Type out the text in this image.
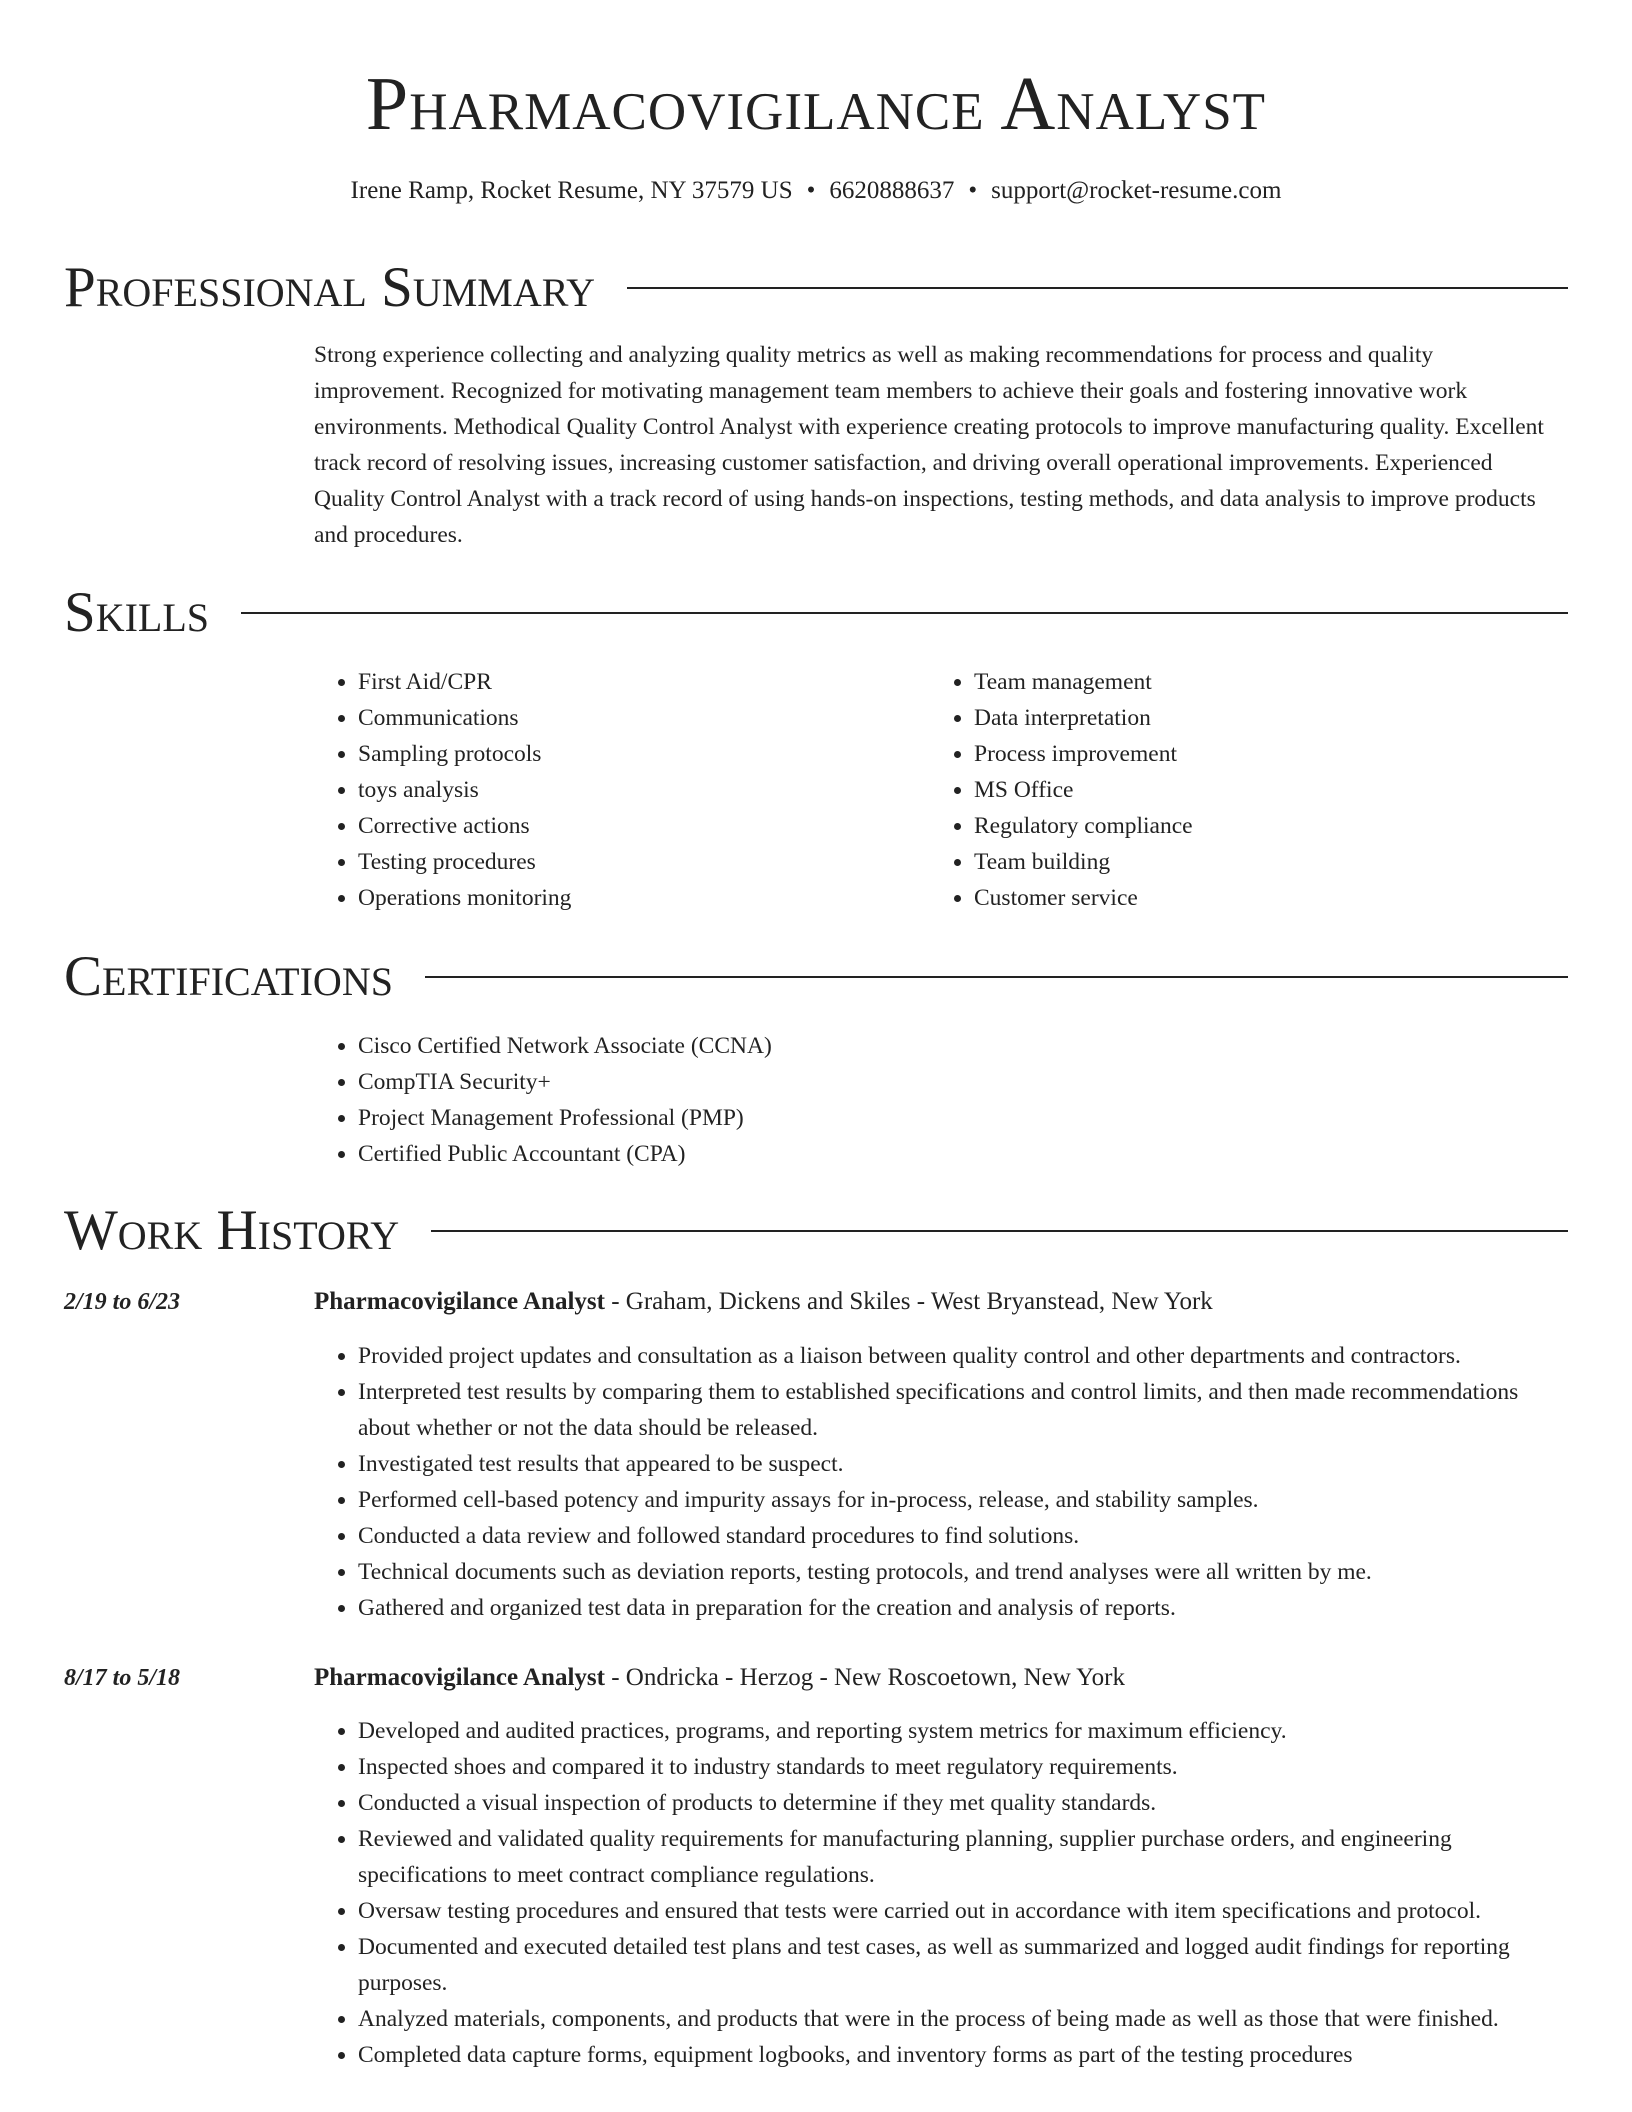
Pharmacovigilance Analyst
Irene Ramp, Rocket Resume, NY 37579 US • 6620888637 • support@rocket-resume.com
Professional Summary
Strong experience collecting and analyzing quality metrics as well as making recommendations for process and quality improvement. Recognized for motivating management team members to achieve their goals and fostering innovative work environments. Methodical Quality Control Analyst with experience creating protocols to improve manufacturing quality. Excellent track record of resolving issues, increasing customer satisfaction, and driving overall operational improvements. Experienced Quality Control Analyst with a track record of using hands-on inspections, testing methods, and data analysis to improve products and procedures.
Skills
• First Aid/CPR
• Communications
• Sampling protocols
• toys analysis
• Corrective actions
• Testing procedures
• Operations monitoring
• Team management
• Data interpretation
• Process improvement
• MS Office
• Regulatory compliance
• Team building
• Customer service
Certifications
• Cisco Certified Network Associate (CCNA)
• CompTIA Security+
• Project Management Professional (PMP)
• Certified Public Accountant (CPA)
Work History
2/19 to 6/23	Pharmacovigilance Analyst - Graham, Dickens and Skiles - West Bryanstead, New York
• Provided project updates and consultation as a liaison between quality control and other departments and contractors.
• Interpreted test results by comparing them to established specifications and control limits, and then made recommendations about whether or not the data should be released.
• Investigated test results that appeared to be suspect.
• Performed cell-based potency and impurity assays for in-process, release, and stability samples.
• Conducted a data review and followed standard procedures to find solutions.
• Technical documents such as deviation reports, testing protocols, and trend analyses were all written by me.
• Gathered and organized test data in preparation for the creation and analysis of reports.
8/17 to 5/18	Pharmacovigilance Analyst - Ondricka - Herzog - New Roscoetown, New York
• Developed and audited practices, programs, and reporting system metrics for maximum efficiency.
• Inspected shoes and compared it to industry standards to meet regulatory requirements.
• Conducted a visual inspection of products to determine if they met quality standards.
• Reviewed and validated quality requirements for manufacturing planning, supplier purchase orders, and engineering specifications to meet contract compliance regulations.
• Oversaw testing procedures and ensured that tests were carried out in accordance with item specifications and protocol.
• Documented and executed detailed test plans and test cases, as well as summarized and logged audit findings for reporting purposes.
• Analyzed materials, components, and products that were in the process of being made as well as those that were finished.
• Completed data capture forms, equipment logbooks, and inventory forms as part of the testing procedures
